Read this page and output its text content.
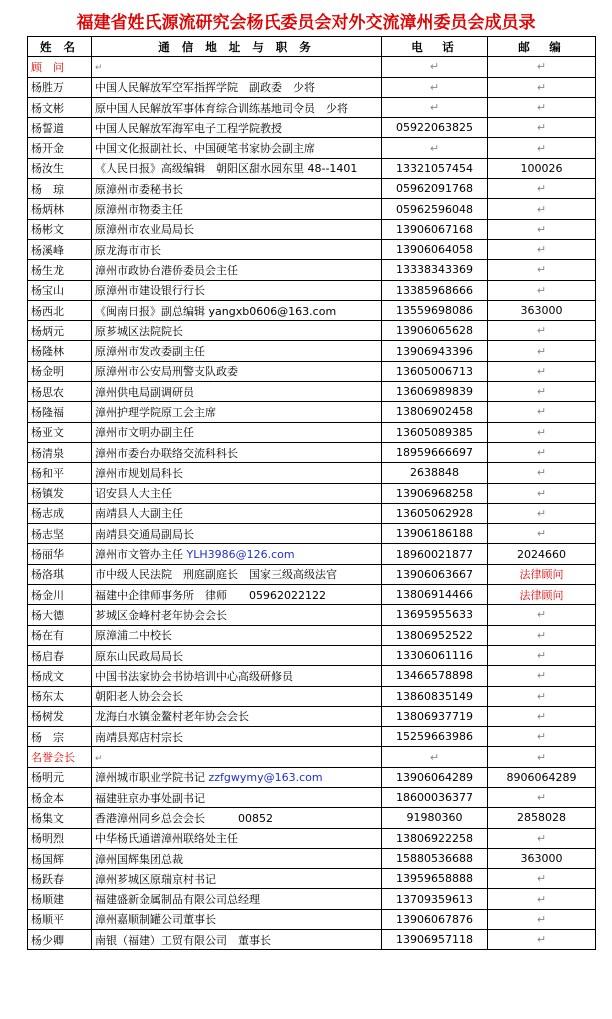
福建省姓氏源流研究会杨氏委员会对外交流漳州委员会成员录
姓 名	通 信 地 址 与 职 务	电　话	邮　编
顾　问	↵	↵	↵
杨胜万	中国人民解放军空军指挥学院　副政委　少将	↵	↵
杨文彬	原中国人民解放军事体育综合训练基地司令员　少将	↵	↵
杨誓道	中国人民解放军海军电子工程学院教授	05922063825	↵
杨开金	中国文化报副社长、中国硬笔书家协会副主席	↵	↵
杨汝生	《人民日报》高级编辑　朝阳区甜水园东里 48--1401	13321057454	100026
杨　琼	原漳州市委秘书长	05962091768	↵
杨炳林	原漳州市物委主任	05962596048	↵
杨彬文	原漳州市农业局局长	13906067168	↵
杨溪峰	原龙海市市长	13906064058	↵
杨生龙	漳州市政协台港侨委员会主任	13338343369	↵
杨宝山	原漳州市建设银行行长	13385968666	↵
杨西北	《闽南日报》副总编辑 yangxb0606@163.com	13559698086	363000
杨炳元	原芗城区法院院长	13906065628	↵
杨隆林	原漳州市发改委副主任	13906943396	↵
杨金明	原漳州市公安局刑警支队政委	13605006713	↵
杨思农	漳州供电局副调研员	13606989839	↵
杨隆福	漳州护理学院原工会主席	13806902458	↵
杨亚文	漳州市文明办副主任	13605089385	↵
杨清泉	漳州市委台办联络交流科科长	18959666697	↵
杨和平	漳州市规划局科长	2638848	↵
杨镇发	诏安县人大主任	13906968258	↵
杨志成	南靖县人大副主任	13605062928	↵
杨志坚	南靖县交通局副局长	13906186188	↵
杨丽华	漳州市文管办主任 YLH3986@126.com	18960021877	2024660
杨洛琪	市中级人民法院　刑庭副庭长　国家三级高级法官	13906063667	法律顾问
杨金川	福建中企律师事务所　律师　　05962022122	13806914466	法律顾问
杨大德	芗城区金峰村老年协会会长	13695955633	↵
杨在有	原漳浦二中校长	13806952522	↵
杨启春	原东山民政局局长	13306061116	↵
杨成文	中国书法家协会书协培训中心高级研修员	13466578898	↵
杨东太	朝阳老人协会会长	13860835149	↵
杨树发	龙海白水镇金鳌村老年协会会长	13806937719	↵
杨　宗	南靖县郑店村宗长	15259663986	↵
名誉会长	↵	↵	↵
杨明元	漳州城市职业学院书记 zzfgwymy@163.com	13906064289	8906064289
杨金本	福建驻京办事处副书记	18600036377	↵
杨集文	香港漳州同乡总会会长　　　00852	91980360	2858028
杨明烈	中华杨氏通谱漳州联络处主任	13806922258	↵
杨国辉	漳州国辉集团总裁	15880536688	363000
杨跃春	漳州芗城区原瑞京村书记	13959658888	↵
杨顺建	福建盛新金属制品有限公司总经理	13709359613	↵
杨顺平	漳州嘉顺制罐公司董事长	13906067876	↵
杨少卿	南银（福建）工贸有限公司　董事长	13906957118	↵
